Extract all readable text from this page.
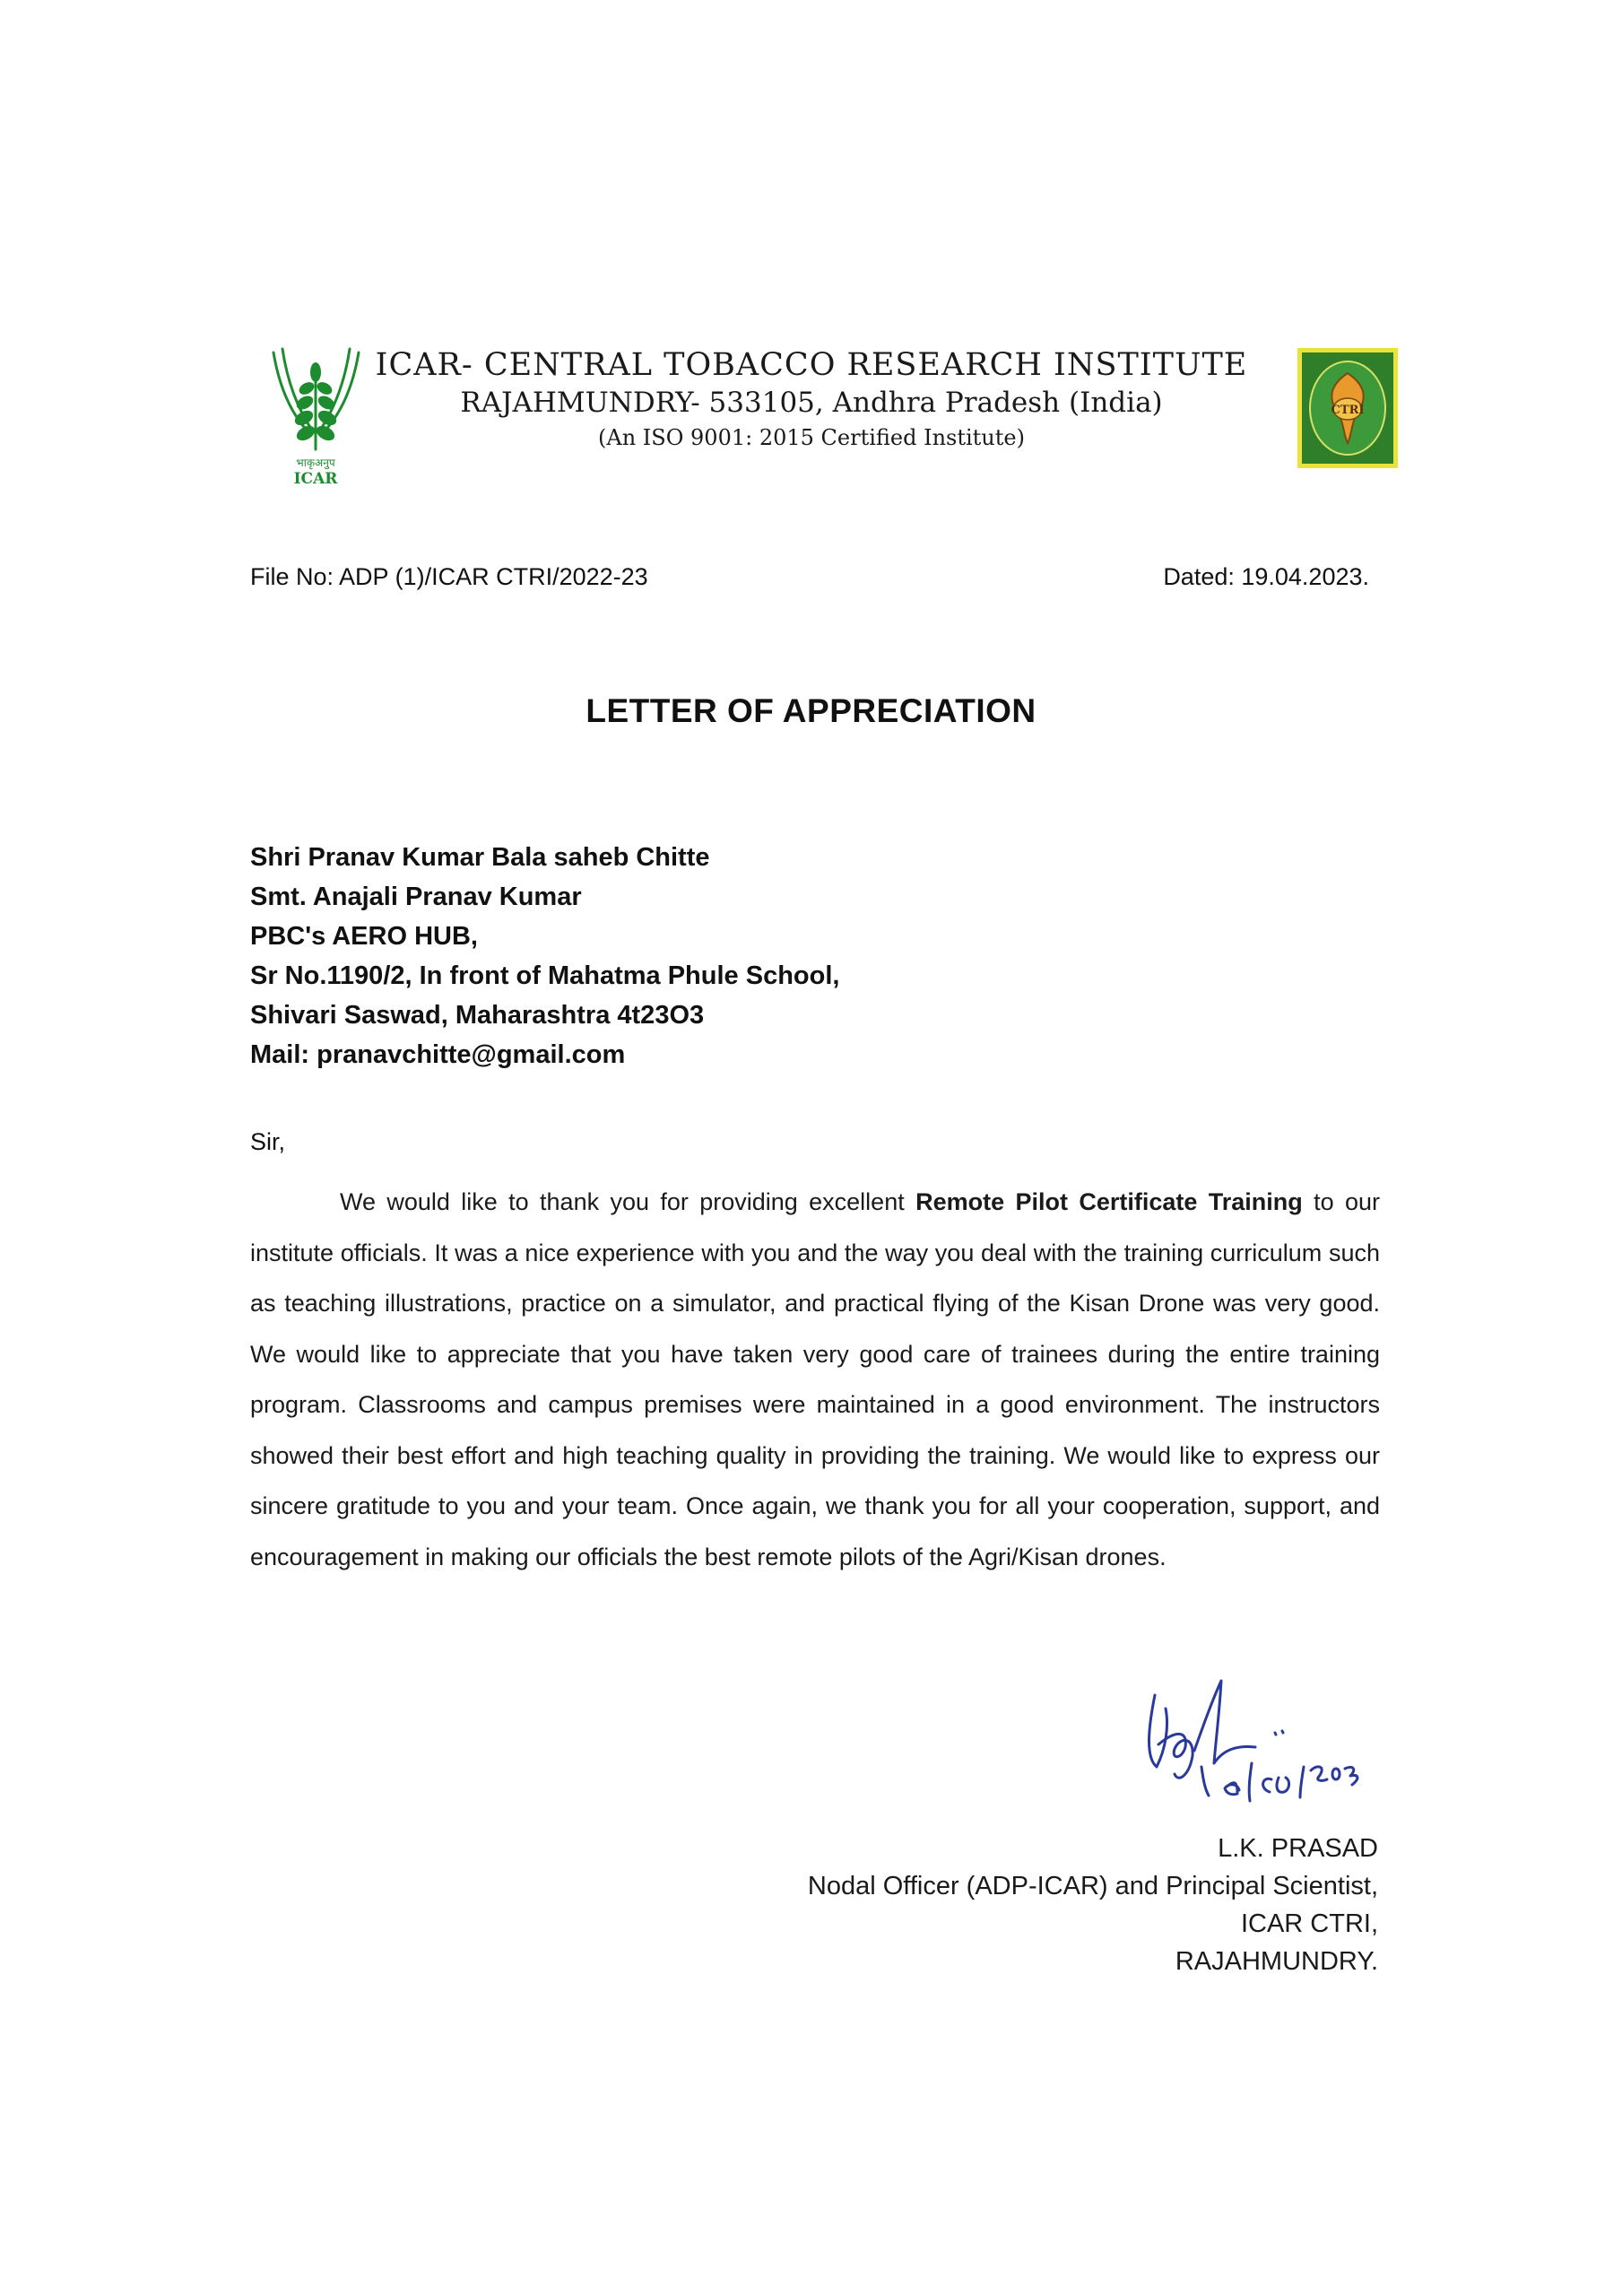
भाकृअनुप
ICAR
ICAR- CENTRAL TOBACCO RESEARCH INSTITUTE
RAJAHMUNDRY- 533105, Andhra Pradesh (India)
(An ISO 9001: 2015 Certified Institute)
CTRI
File No: ADP (1)/ICAR CTRI/2022-23	Dated: 19.04.2023.
LETTER OF APPRECIATION
Shri Pranav Kumar Bala saheb Chitte
Smt. Anajali Pranav Kumar
PBC's AERO HUB,
Sr No.1190/2, In front of Mahatma Phule School,
Shivari Saswad, Maharashtra 4t23O3
Mail: pranavchitte@gmail.com
Sir,

We would like to thank you for providing excellent Remote Pilot Certificate Training to our institute officials. It was a nice experience with you and the way you deal with the training curriculum such as teaching illustrations, practice on a simulator, and practical flying of the Kisan Drone was very good. We would like to appreciate that you have taken very good care of trainees during the entire training program. Classrooms and campus premises were maintained in a good environment. The instructors showed their best effort and high teaching quality in providing the training. We would like to express our sincere gratitude to you and your team. Once again, we thank you for all your cooperation, support, and encouragement in making our officials the best remote pilots of the Agri/Kisan drones.

L.K. PRASAD
Nodal Officer (ADP-ICAR) and Principal Scientist,
ICAR CTRI,
RAJAHMUNDRY.
